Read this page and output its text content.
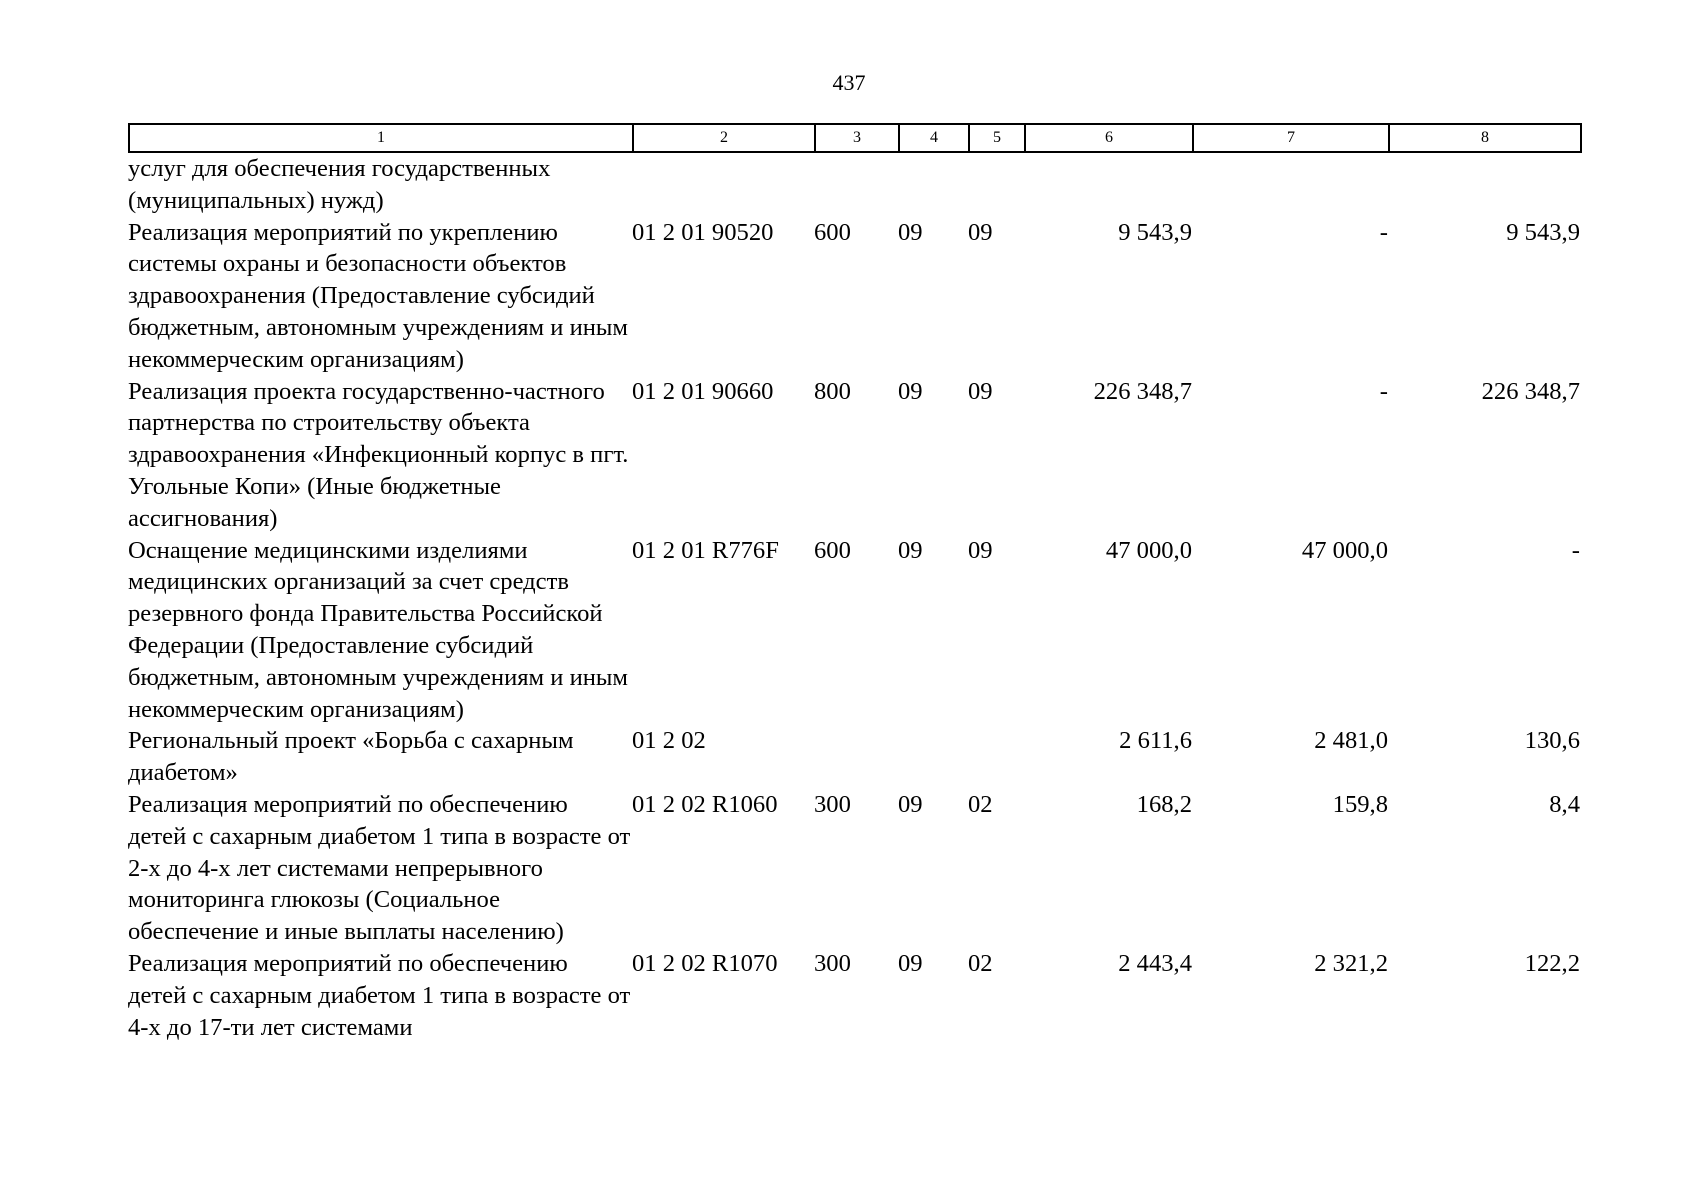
437
1	2	3	4	5	6	7	8
услуг для обеспечения государственных (муниципальных) нужд)							
Реализация мероприятий по укреплению системы охраны и безопасности объектов здравоохранения (Предоставление субсидий бюджетным, автономным учреждениям и иным некоммерческим организациям)	01 2 01 90520	600	09	09	9 543,9	-	9 543,9
Реализация проекта государственно-частного партнерства по строительству объекта здравоохранения «Инфекционный корпус в пгт. Угольные Копи» (Иные бюджетные ассигнования)	01 2 01 90660	800	09	09	226 348,7	-	226 348,7
Оснащение медицинскими изделиями медицинских организаций за счет средств резервного фонда Правительства Российской Федерации (Предоставление субсидий бюджетным, автономным учреждениям и иным некоммерческим организациям)	01 2 01 R776F	600	09	09	47 000,0	47 000,0	-
Региональный проект «Борьба с сахарным диабетом»	01 2 02				2 611,6	2 481,0	130,6
Реализация мероприятий по обеспечению детей с сахарным диабетом 1 типа в возрасте от 2-х до 4-х лет системами непрерывного мониторинга глюкозы (Социальное обеспечение и иные выплаты населению)	01 2 02 R1060	300	09	02	168,2	159,8	8,4
Реализация мероприятий по обеспечению детей с сахарным диабетом 1 типа в возрасте от 4-х до 17-ти лет системами	01 2 02 R1070	300	09	02	2 443,4	2 321,2	122,2
